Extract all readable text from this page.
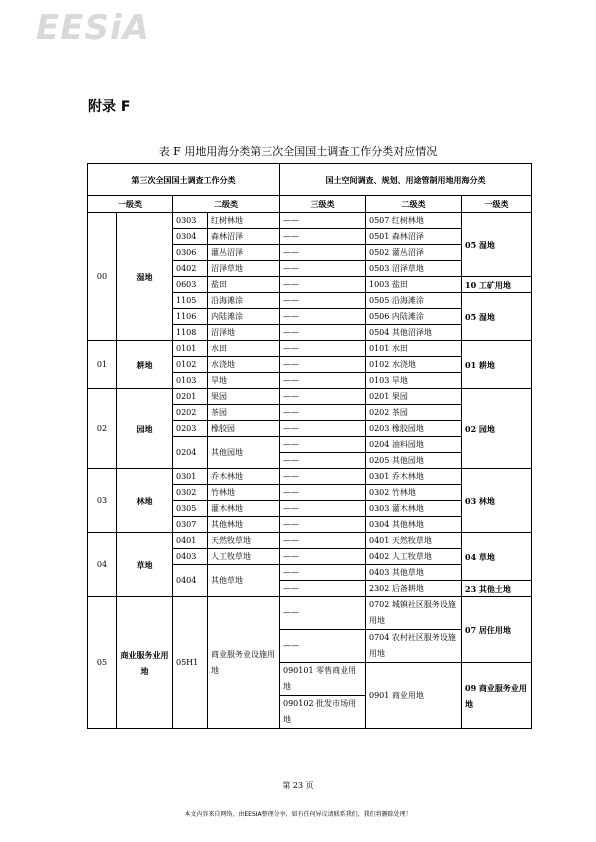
EESiA
附录 F
表 F 用地用海分类第三次全国国土调查工作分类对应情况
第三次全国国土调查工作分类				国土空间调查、规划、用途管制用地用海分类		
一级类		二级类		三级类	二级类	一级类
00	湿地	0303	红树林地	——	0507 红树林地	05 湿地
		0304	森林沼泽	——	0501 森林沼泽	
		0306	灌丛沼泽	——	0502 灌丛沼泽	
		0402	沼泽草地	——	0503 沼泽草地	
		0603	盐田	——	1003 盐田	10 工矿用地
		1105	沿海滩涂	——	0505 沿海滩涂	05 湿地
		1106	内陆滩涂	——	0506 内陆滩涂	
		1108	沼泽地	——	0504 其他沼泽地	
01	耕地	0101	水田	——	0101 水田	01 耕地
		0102	水浇地	——	0102 水浇地	
		0103	旱地	——	0103 旱地	
02	园地	0201	果园	——	0201 果园	02 园地
		0202	茶园	——	0202 茶园	
		0203	橡胶园	——	0203 橡胶园地	
		0204	其他园地	——	0204 油料园地	
				——	0205 其他园地	
03	林地	0301	乔木林地	——	0301 乔木林地	03 林地
		0302	竹林地	——	0302 竹林地	
		0305	灌木林地	——	0303 灌木林地	
		0307	其他林地	——	0304 其他林地	
04	草地	0401	天然牧草地	——	0401 天然牧草地	04 草地
		0403	人工牧草地	——	0402 人工牧草地	
		0404	其他草地	——	0403 其他草地	
				——	2302 后备耕地	23 其他土地
05	商业服务业用地	05H1	商业服务业设施用地	——	0702 城镇社区服务设施用地	07 居住用地
				——	0704 农村社区服务设施用地	
				090101 零售商业用地	0901 商业用地	09 商业服务业用地
				090102 批发市场用地		
第 23 页
本文内容来自网络，由EESIA整理分享，如有任何异议请联系我们，我们将删除处理！
